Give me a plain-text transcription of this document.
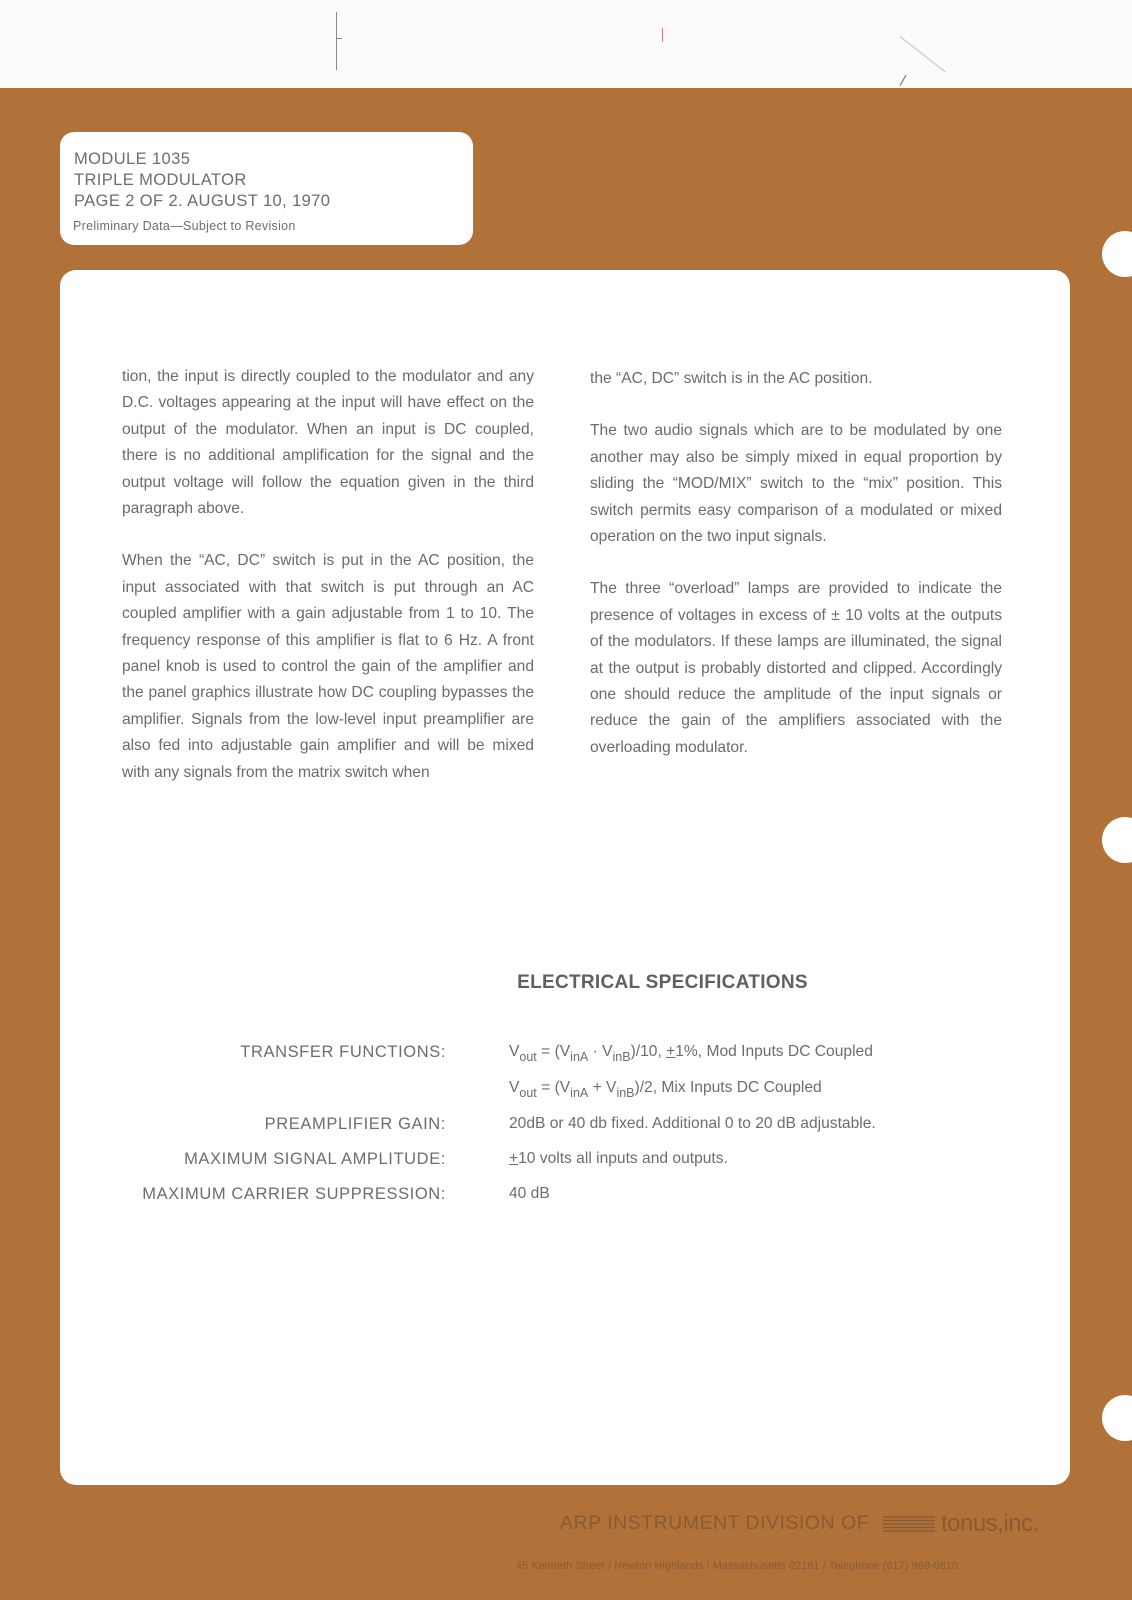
MODULE 1035
TRIPLE MODULATOR
PAGE 2 OF 2. AUGUST 10, 1970
Preliminary Data—Subject to Revision

tion, the input is directly coupled to the modulator and any D.C. voltages appearing at the input will have effect on the output of the modulator. When an input is DC coupled, there is no additional amplification for the signal and the output voltage will follow the equation given in the third paragraph above.

When the “AC, DC” switch is put in the AC position, the input associated with that switch is put through an AC coupled amplifier with a gain adjustable from 1 to 10. The frequency response of this amplifier is flat to 6 Hz. A front panel knob is used to control the gain of the amplifier and the panel graphics illustrate how DC coupling bypasses the amplifier. Signals from the low-level input preamplifier are also fed into adjustable gain amplifier and will be mixed with any signals from the matrix switch when

the “AC, DC” switch is in the AC position.

The two audio signals which are to be modulated by one another may also be simply mixed in equal proportion by sliding the “MOD/MIX” switch to the “mix” position. This switch permits easy comparison of a modulated or mixed operation on the two input signals.

The three “overload” lamps are provided to indicate the presence of voltages in excess of ± 10 volts at the outputs of the modulators. If these lamps are illuminated, the signal at the output is probably distorted and clipped. Accordingly one should reduce the amplitude of the input signals or reduce the gain of the amplifiers associated with the overloading modulator.

ELECTRICAL SPECIFICATIONS
TRANSFER FUNCTIONS:	$V_{out} = (V_{inA} \cdot V_{inB})/10$, +1%, Mod Inputs DC Coupled
$V_{out} = (V_{inA} + V_{inB})/2$, Mix Inputs DC Coupled
PREAMPLIFIER GAIN:	20dB or 40 db fixed. Additional 0 to 20 dB adjustable.
MAXIMUM SIGNAL AMPLITUDE:	+10 volts all inputs and outputs.
MAXIMUM CARRIER SUPPRESSION:	40 dB
ARP INSTRUMENT DIVISION OF	tonus,inc.
45 Kenneth Street / Newton Highlands / Massachusetts 02161 / Telephone (617) 969-0810
